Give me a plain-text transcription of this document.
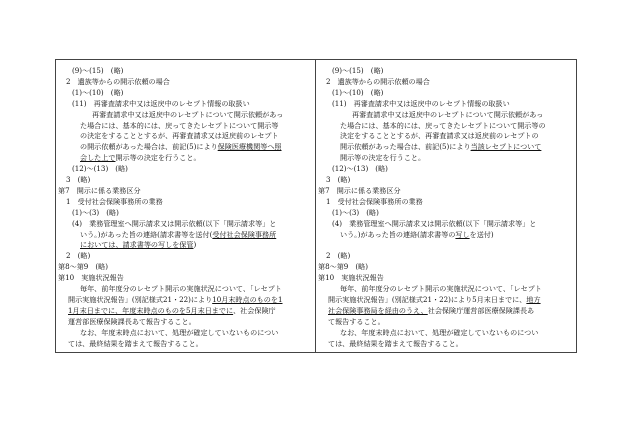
(9)～(15)　(略)
2　遺族等からの開示依頼の場合
(1)～(10)　(略)
(11)　再審査請求中又は返戻中のレセプト情報の取扱い
再審査請求中又は返戻中のレセプトについて開示依頼があっ
た場合には、基本的には、戻ってきたレセプトについて開示等
の決定をすることとするが、再審査請求又は返戻前のレセプト
の開示依頼があった場合は、前記(5)により保険医療機関等へ照
会した上で開示等の決定を行うこと。
(12)～(13)　(略)
3　(略)
第7　開示に係る業務区分
1　受付社会保険事務所の業務
(1)～(3)　(略)
(4)　業務管理室へ開示請求又は開示依頼(以下「開示請求等」と
いう。)があった旨の連絡(請求書等を送付(受付社会保険事務所
においては、請求書等の写しを保管)
2　(略)
第8～第9　(略)
第10　実施状況報告
毎年、前年度分のレセプト開示の実施状況について、「レセプト
開示実施状況報告」(別記様式21・22)により10月末時点のものを1
1月末日までに、年度末時点のものを5月末日までに、社会保険庁
運営部医療保険課長あて報告すること。
なお、年度末時点において、処理が確定していないものについ
ては、最終結果を踏まえて報告すること。
(9)～(15)　(略)
2　遺族等からの開示依頼の場合
(1)～(10)　(略)
(11)　再審査請求中又は返戻中のレセプト情報の取扱い
再審査請求中又は返戻中のレセプトについて開示依頼があっ
た場合には、基本的には、戻ってきたレセプトについて開示等の
決定をすることとするが、再審査請求又は返戻前のレセプトの
開示依頼があった場合は、前記(5)により当該レセプトについて
開示等の決定を行うこと。
(12)～(13)　(略)
3　(略)
第7　開示に係る業務区分
1　受付社会保険事務所の業務
(1)～(3)　(略)
(4)　業務管理室へ開示請求又は開示依頼(以下「開示請求等」と
いう。)があった旨の連絡(請求書等の写しを送付)
2　(略)
第8～第9　(略)
第10　実施状況報告
毎年、前年度分のレセプト開示の実施状況について、「レセプト
開示実施状況報告」(別記様式21・22)により5月末日までに、地方
社会保険事務局を経由のうえ、社会保険庁運営部医療保険課長あ
て報告すること。
なお、年度末時点において、処理が確定していないものについ
ては、最終結果を踏まえて報告すること。
